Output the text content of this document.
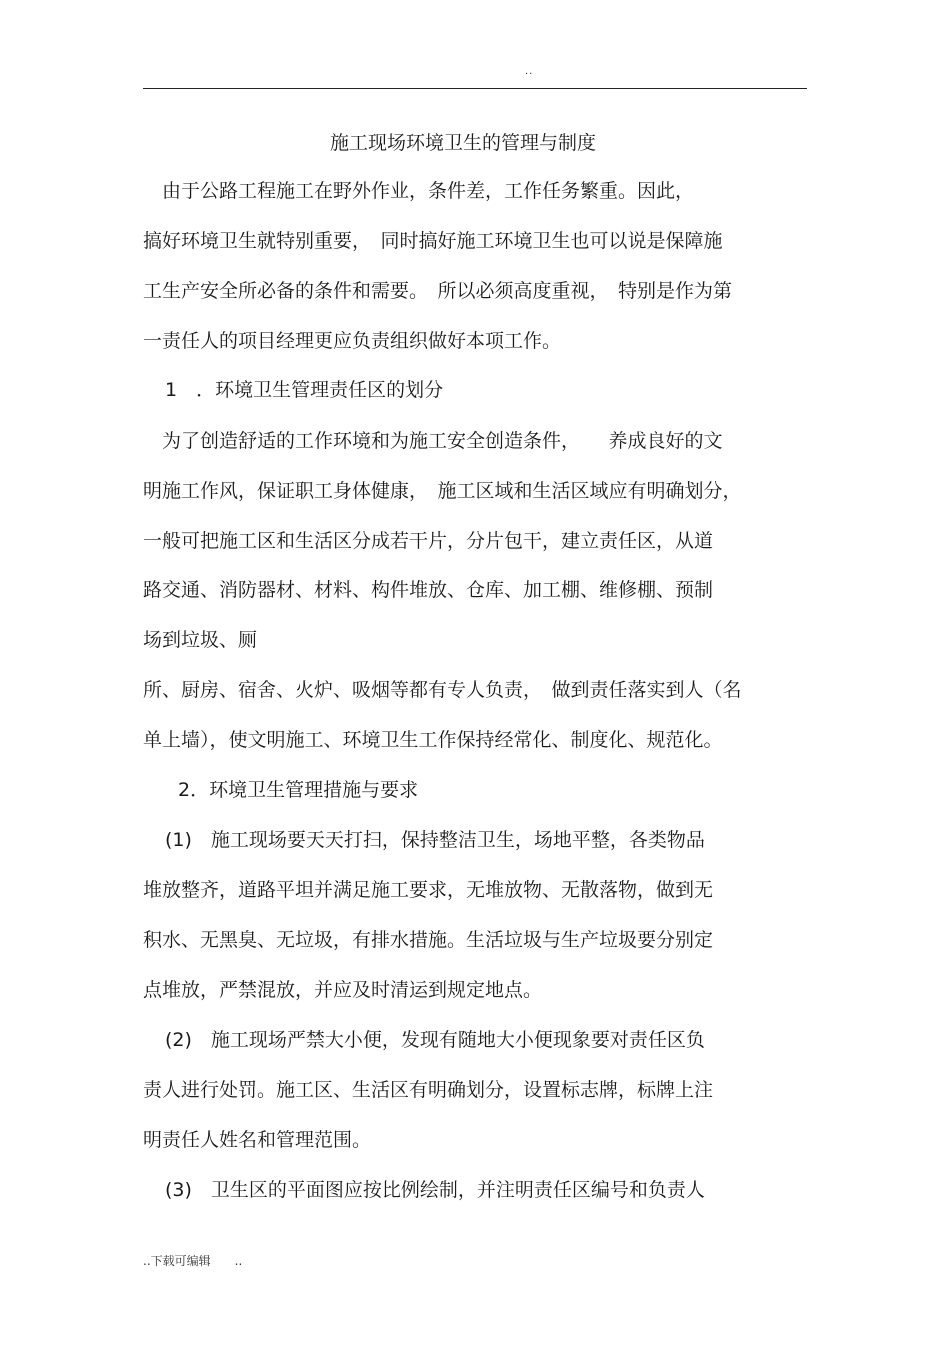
..
施工现场环境卫生的管理与制度
　由于公路工程施工在野外作业，条件差，工作任务繁重。因此，
搞好环境卫生就特别重要，　同时搞好施工环境卫生也可以说是保障施
工生产安全所必备的条件和需要。　所以必须高度重视，　特别是作为第
一责任人的项目经理更应负责组织做好本项工作。
1　．环境卫生管理责任区的划分
　为了创造舒适的工作环境和为施工安全创造条件，　　养成良好的文
明施工作风，保证职工身体健康，　施工区域和生活区域应有明确划分，
一般可把施工区和生活区分成若干片，分片包干，建立责任区，从道
路交通、消防器材、材料、构件堆放、仓库、加工棚、维修棚、预制
场到垃圾、厕
所、厨房、宿舍、火炉、吸烟等都有专人负责，　做到责任落实到人（名
单上墙），使文明施工、环境卫生工作保持经常化、制度化、规范化。
2．环境卫生管理措施与要求
(1)　施工现场要天天打扫，保持整洁卫生，场地平整，各类物品
堆放整齐，道路平坦并满足施工要求，无堆放物、无散落物，做到无
积水、无黑臭、无垃圾，有排水措施。生活垃圾与生产垃圾要分别定
点堆放，严禁混放，并应及时清运到规定地点。
(2)　施工现场严禁大小便，发现有随地大小便现象要对责任区负
责人进行处罚。施工区、生活区有明确划分，设置标志牌，标牌上注
明责任人姓名和管理范围。
(3)　卫生区的平面图应按比例绘制，并注明责任区编号和负责人
..下载可编辑　　..
